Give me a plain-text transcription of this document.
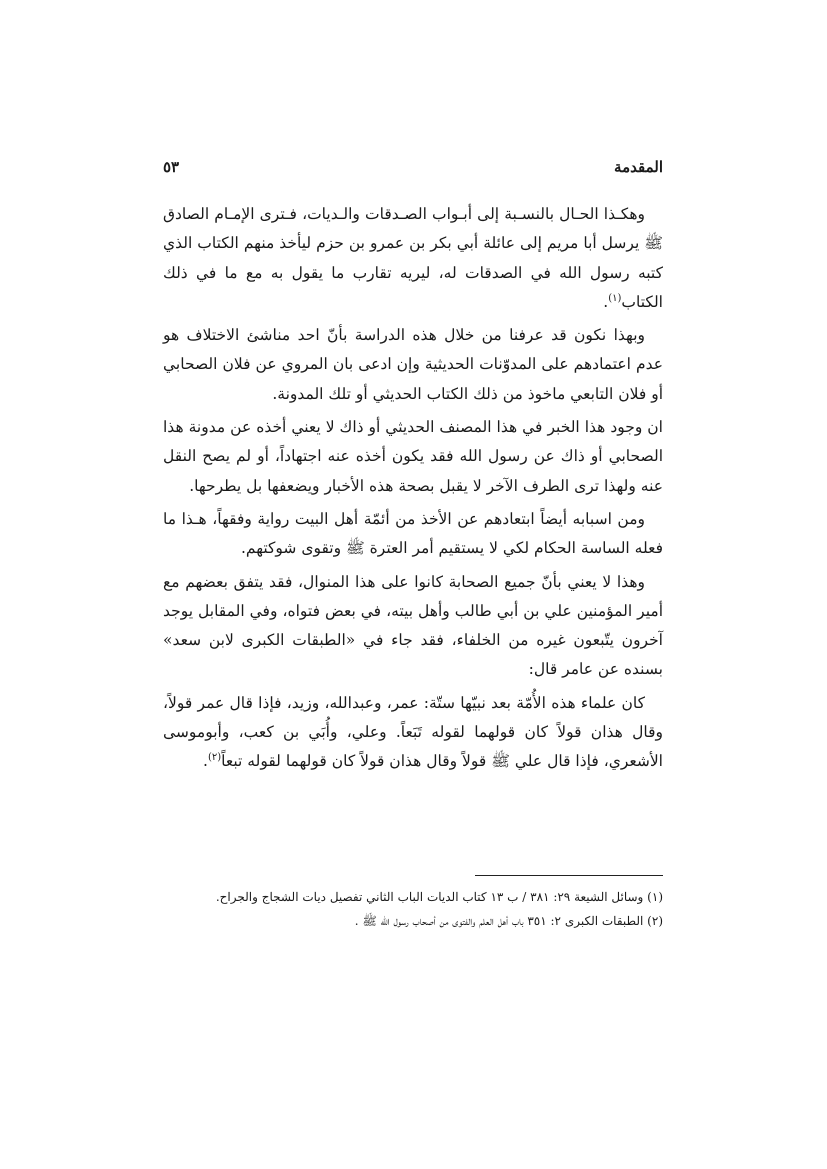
المقدمة
٥٣

وهكـذا الحـال بالنسـبة إلى أبـواب الصـدقات والـديات، فـترى الإمـام الصادق ﷺ يرسل أبا مريم إلى عائلة أبي بكر بن عمرو بن حزم ليأخذ منهم الكتاب الذي كتبه رسول الله في الصدقات له، ليريه تقارب ما يقول به مع ما في ذلك الكتاب$^{(١)}$.

وبهذا نكون قد عرفنا من خلال هذه الدراسة بأنّ احد مناشئ الاختلاف هو عدم اعتمادهم على المدوّنات الحديثية وإن ادعى بان المروي عن فلان الصحابي أو فلان التابعي ماخوذ من ذلك الكتاب الحديثي أو تلك المدونة.

ان وجود هذا الخبر في هذا المصنف الحديثي أو ذاك لا يعني أخذه عن مدونة هذا الصحابي أو ذاك عن رسول الله فقد يكون أخذه عنه اجتهاداً، أو لم يصح النقل عنه ولهذا ترى الطرف الآخر لا يقبل بصحة هذه الأخبار ويضعفها بل يطرحها.

ومن اسبابه أيضاً ابتعادهم عن الأخذ من أئمّة أهل البيت رواية وفقهاً، هـذا ما فعله الساسة الحكام لكي لا يستقيم أمر العترة ﷺ وتقوى شوكتهم.

وهذا لا يعني بأنّ جميع الصحابة كانوا على هذا المنوال، فقد يتفق بعضهم مع أمير المؤمنين علي بن أبي طالب وأهل بيته، في بعض فتواه، وفي المقابل يوجد آخرون يتّبعون غيره من الخلفاء، فقد جاء في «الطبقات الكبرى لابن سعد» بسنده عن عامر قال:

كان علماء هذه الأُمّة بعد نبيّها ستّة: عمر، وعبدالله، وزيد، فإذا قال عمر قولاً، وقال هذان قولاً كان قولهما لقوله تَبَعاً. وعلي، وأُبَي بن كعب، وأبوموسى الأشعري، فإذا قال علي ﷺ قولاً وقال هذان قولاً كان قولهما لقوله تبعاً$^{(٢)}$.

(١) وسائل الشيعة ٢٩: ٣٨١ / ب ١٣ كتاب الديات الباب الثاني تفصيل ديات الشجاج والجراح.

(٢) الطبقات الكبرى ٢: ٣٥١ باب أهل العلم والفتوى من أصحاب رسول الله ﷺ .
